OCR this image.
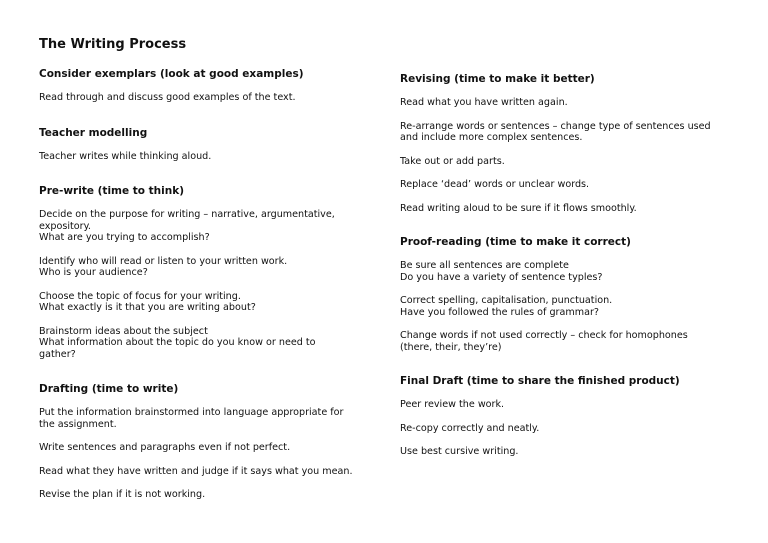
The Writing Process
Consider exemplars (look at good examples)
Read through and discuss good examples of the text.
Teacher modelling
Teacher writes while thinking aloud.
Pre-write (time to think)
Decide on the purpose for writing – narrative, argumentative,
expository.
What are you trying to accomplish?
Identify who will read or listen to your written work.
Who is your audience?
Choose the topic of focus for your writing.
What exactly is it that you are writing about?
Brainstorm ideas about the subject
What information about the topic do you know or need to
gather?
Drafting (time to write)
Put the information brainstormed into language appropriate for
the assignment.
Write sentences and paragraphs even if not perfect.
Read what they have written and judge if it says what you mean.
Revise the plan if it is not working.
Revising (time to make it better)
Read what you have written again.
Re-arrange words or sentences – change type of sentences used
and include more complex sentences.
Take out or add parts.
Replace ‘dead’ words or unclear words.
Read writing aloud to be sure if it flows smoothly.
Proof-reading (time to make it correct)
Be sure all sentences are complete
Do you have a variety of sentence typles?
Correct spelling, capitalisation, punctuation.
Have you followed the rules of grammar?
Change words if not used correctly – check for homophones
(there, their, they’re)
Final Draft (time to share the finished product)
Peer review the work.
Re-copy correctly and neatly.
Use best cursive writing.
